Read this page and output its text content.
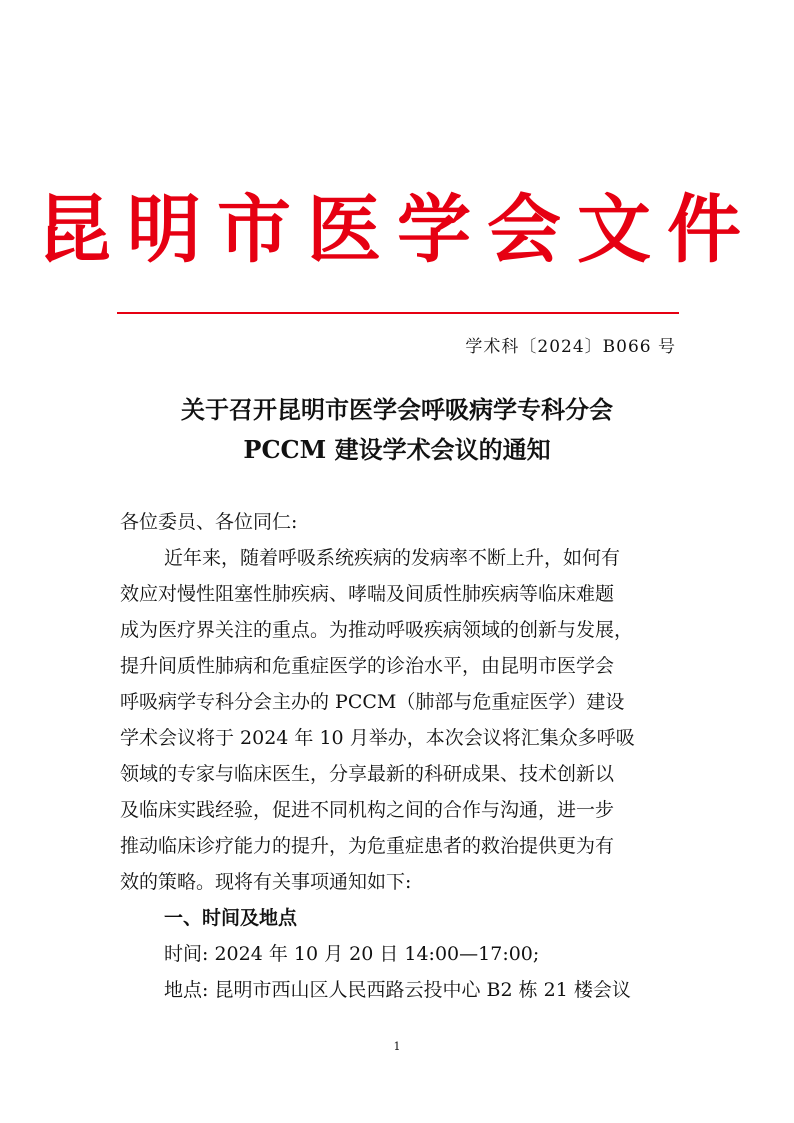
昆明市医学会文件
学术科〔2024〕B066 号
关于召开昆明市医学会呼吸病学专科分会
PCCM 建设学术会议的通知

各位委员、各位同仁:

近年来，随着呼吸系统疾病的发病率不断上升，如何有

效应对慢性阻塞性肺疾病、哮喘及间质性肺疾病等临床难题

成为医疗界关注的重点。为推动呼吸疾病领域的创新与发展，

提升间质性肺病和危重症医学的诊治水平，由昆明市医学会

呼吸病学专科分会主办的 PCCM（肺部与危重症医学）建设

学术会议将于 2024 年 10 月举办，本次会议将汇集众多呼吸

领域的专家与临床医生，分享最新的科研成果、技术创新以

及临床实践经验，促进不同机构之间的合作与沟通，进一步

推动临床诊疗能力的提升，为危重症患者的救治提供更为有

效的策略。现将有关事项通知如下:

一、时间及地点

时间: 2024 年 10 月 20 日 14:00—17:00;

地点: 昆明市西山区人民西路云投中心 B2 栋 21 楼会议

1
